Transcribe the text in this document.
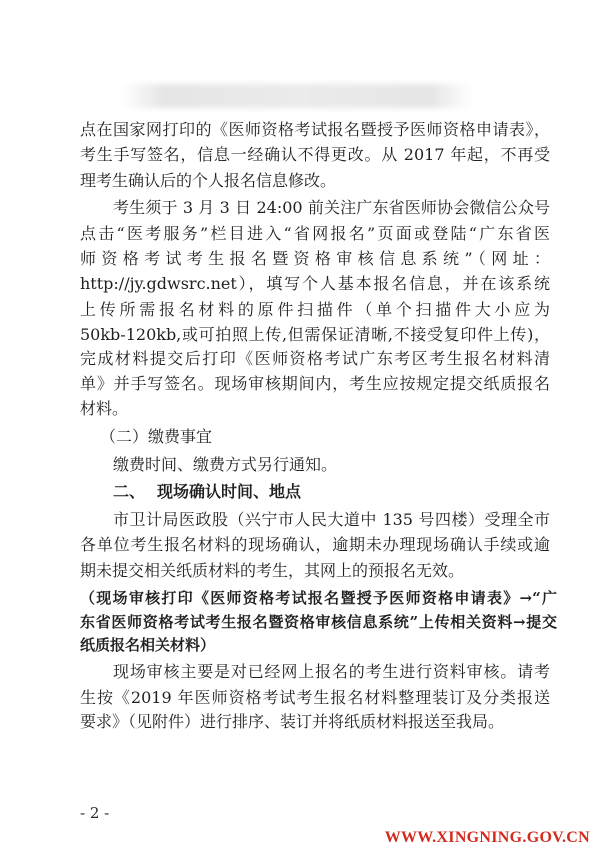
点在国家网打印的《医师资格考试报名暨授予医师资格申请表》，
考生手写签名，信息一经确认不得更改。从 2017 年起，不再受
理考生确认后的个人报名信息修改。
考生须于 3 月 3 日 24:00 前关注广东省医师协会微信公众号
点击“医考服务”栏目进入“省网报名”页面或登陆“广东省医
师资格考试考生报名暨资格审核信息系统”（网址：
http://jy.gdwsrc.net），填写个人基本报名信息，并在该系统
上传所需报名材料的原件扫描件（单个扫描件大小应为
50kb-120kb,或可拍照上传,但需保证清晰,不接受复印件上传)，
完成材料提交后打印《医师资格考试广东考区考生报名材料清
单》并手写签名。现场审核期间内，考生应按规定提交纸质报名
材料。
（二）缴费事宜
缴费时间、缴费方式另行通知。
二、 现场确认时间、地点
市卫计局医政股（兴宁市人民大道中 135 号四楼）受理全市
各单位考生报名材料的现场确认，逾期未办理现场确认手续或逾
期未提交相关纸质材料的考生，其网上的预报名无效。
（现场审核打印《医师资格考试报名暨授予医师资格申请表》→“广
东省医师资格考试考生报名暨资格审核信息系统”上传相关资料→提交
纸质报名相关材料）
现场审核主要是对已经网上报名的考生进行资料审核。请考
生按《2019 年医师资格考试考生报名材料整理装订及分类报送
要求》（见附件）进行排序、装订并将纸质材料报送至我局。
- 2 -
WWW.XINGNING.GOV.CN
